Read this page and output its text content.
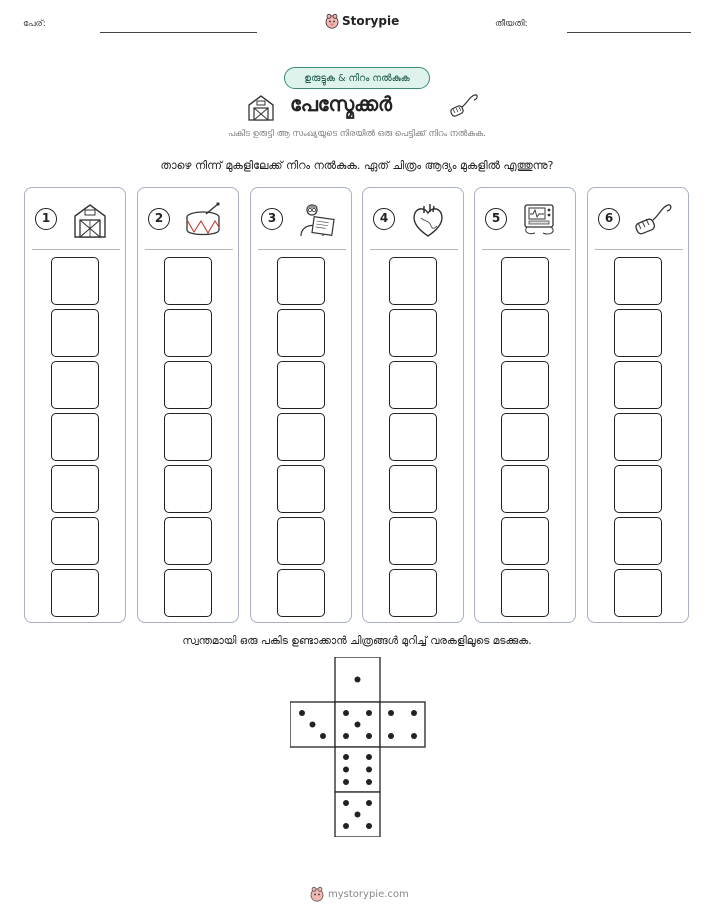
പേര്:	Storypie	തീയതി:
ഉരുട്ടുക & നിറം നൽകുക
പേസ്മേക്കർ
പകിട ഉരുട്ടി ആ സംഖ്യയുടെ നിരയിൽ ഒരു പെട്ടിക്ക് നിറം നൽകുക.
താഴെ നിന്ന് മുകളിലേക്ക് നിറം നൽകുക. ഏത് ചിത്രം ആദ്യം മുകളിൽ എത്തുന്നു?
1	2	3	4	5	6
സ്വന്തമായി ഒരു പകിട ഉണ്ടാക്കാൻ ചിത്രങ്ങൾ മുറിച്ച് വരകളിലൂടെ മടക്കുക.
mystorypie.com
